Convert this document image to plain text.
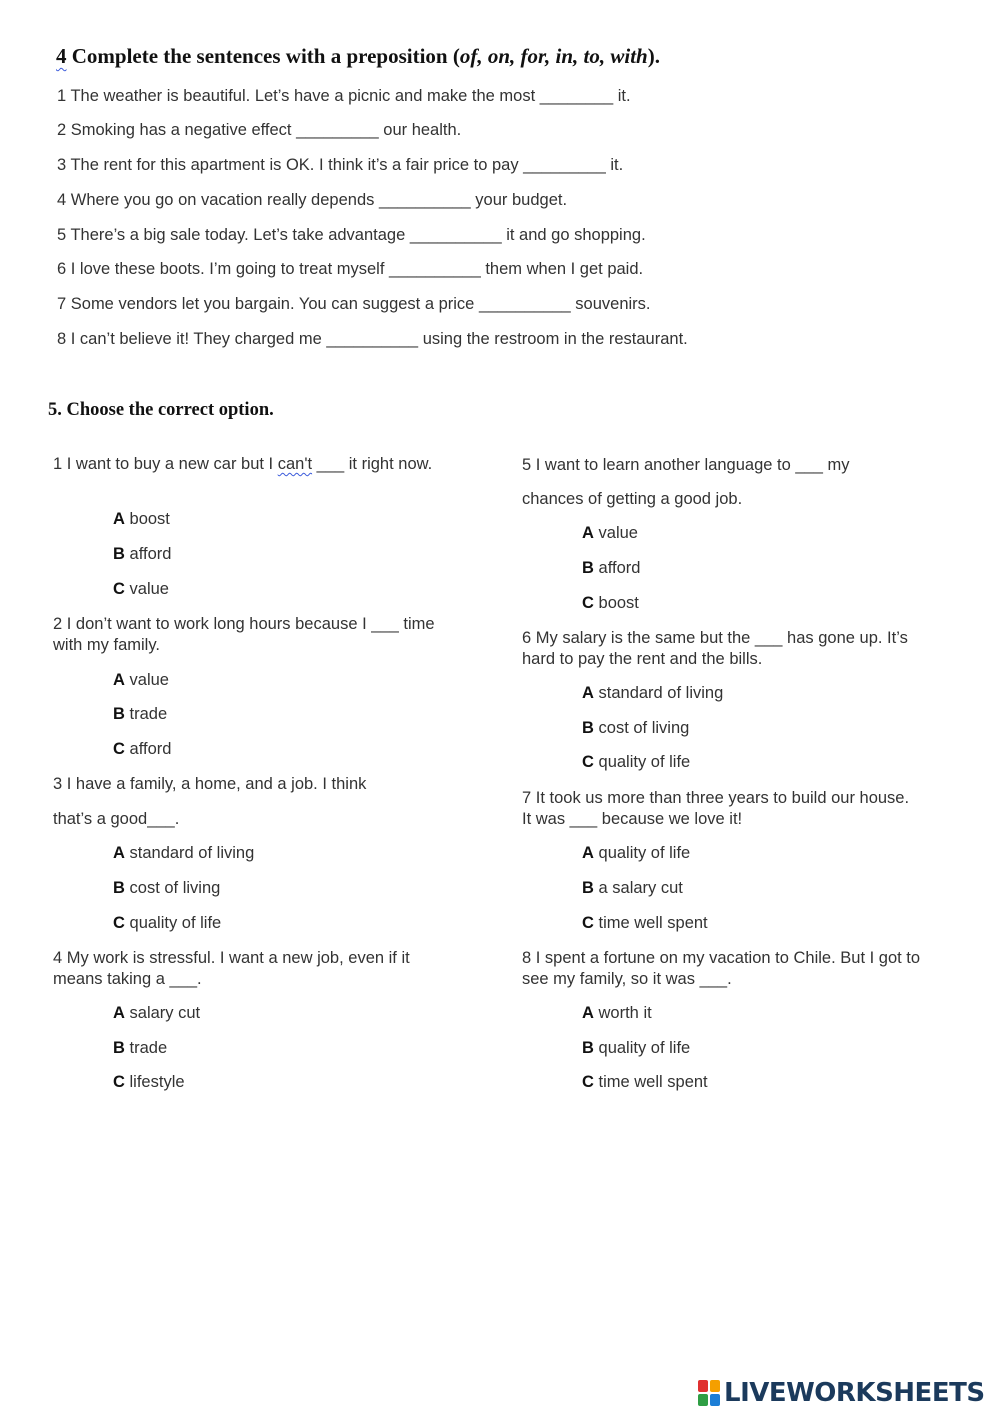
4 Complete the sentences with a preposition (of, on, for, in, to, with).
1 The weather is beautiful. Let’s have a picnic and make the most ________ it.
2 Smoking has a negative effect _________ our health.
3 The rent for this apartment is OK. I think it’s a fair price to pay _________ it.
4 Where you go on vacation really depends __________ your budget.
5 There’s a big sale today. Let’s take advantage __________ it and go shopping.
6 I love these boots. I’m going to treat myself __________ them when I get paid.
7 Some vendors let you bargain. You can suggest a price __________ souvenirs.
8 I can’t believe it! They charged me __________ using the restroom in the restaurant.
5. Choose the correct option.
1 I want to buy a new car but I can't ___ it right now.
A boost
B afford
C value
2 I don’t want to work long hours because I ___ time with my family.
A value
B trade
C afford
3 I have a family, a home, and a job. I think
that’s a good___.
A standard of living
B cost of living
C quality of life
4 My work is stressful. I want a new job, even if it means taking a ___.
A salary cut
B trade
C lifestyle
5 I want to learn another language to ___ my
chances of getting a good job.
A value
B afford
C boost
6 My salary is the same but the ___ has gone up. It’s hard to pay the rent and the bills.
A standard of living
B cost of living
C quality of life
7 It took us more than three years to build our house. It was ___ because we love it!
A quality of life
B a salary cut
C time well spent
8 I spent a fortune on my vacation to Chile. But I got to see my family, so it was ___.
A worth it
B quality of life
C time well spent
LIVEWORKSHEETS
